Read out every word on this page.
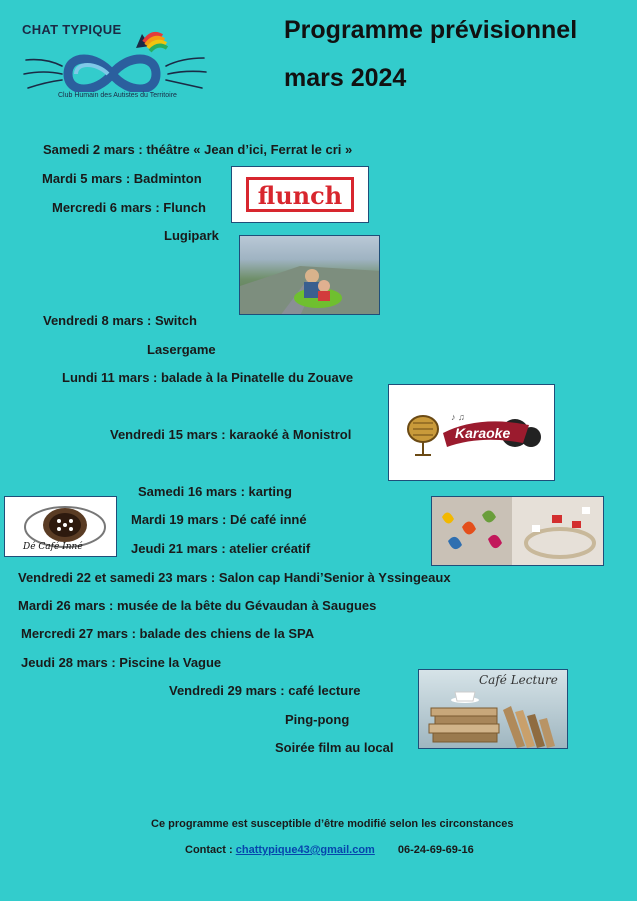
CHAT TYPIQUE
Club Humain des Autistes du Territoire
Programme prévisionnel
mars 2024
Samedi 2 mars : théâtre « Jean d’ici, Ferrat le cri »
Mardi 5 mars : Badminton
Mercredi 6 mars : Flunch
Lugipark
Vendredi 8 mars : Switch
Lasergame
Lundi 11 mars : balade à la Pinatelle du Zouave
Vendredi 15 mars : karaoké à Monistrol
Samedi 16 mars : karting
Mardi 19 mars : Dé café inné
Jeudi 21 mars : atelier créatif
Vendredi 22 et samedi 23 mars : Salon cap Handi’Senior à Yssingeaux
Mardi 26 mars : musée de la bête du Gévaudan à Saugues
Mercredi 27 mars : balade des chiens de la SPA
Jeudi 28 mars : Piscine la Vague
Vendredi 29 mars : café lecture
Ping-pong
Soirée film au local
flunch
♪ ♫
Karaoke
Dé Café Inné
Café Lecture
Ce programme est susceptible d’être modifié selon les circonstances
Contact : chattypique43@gmail.com 06-24-69-69-16
